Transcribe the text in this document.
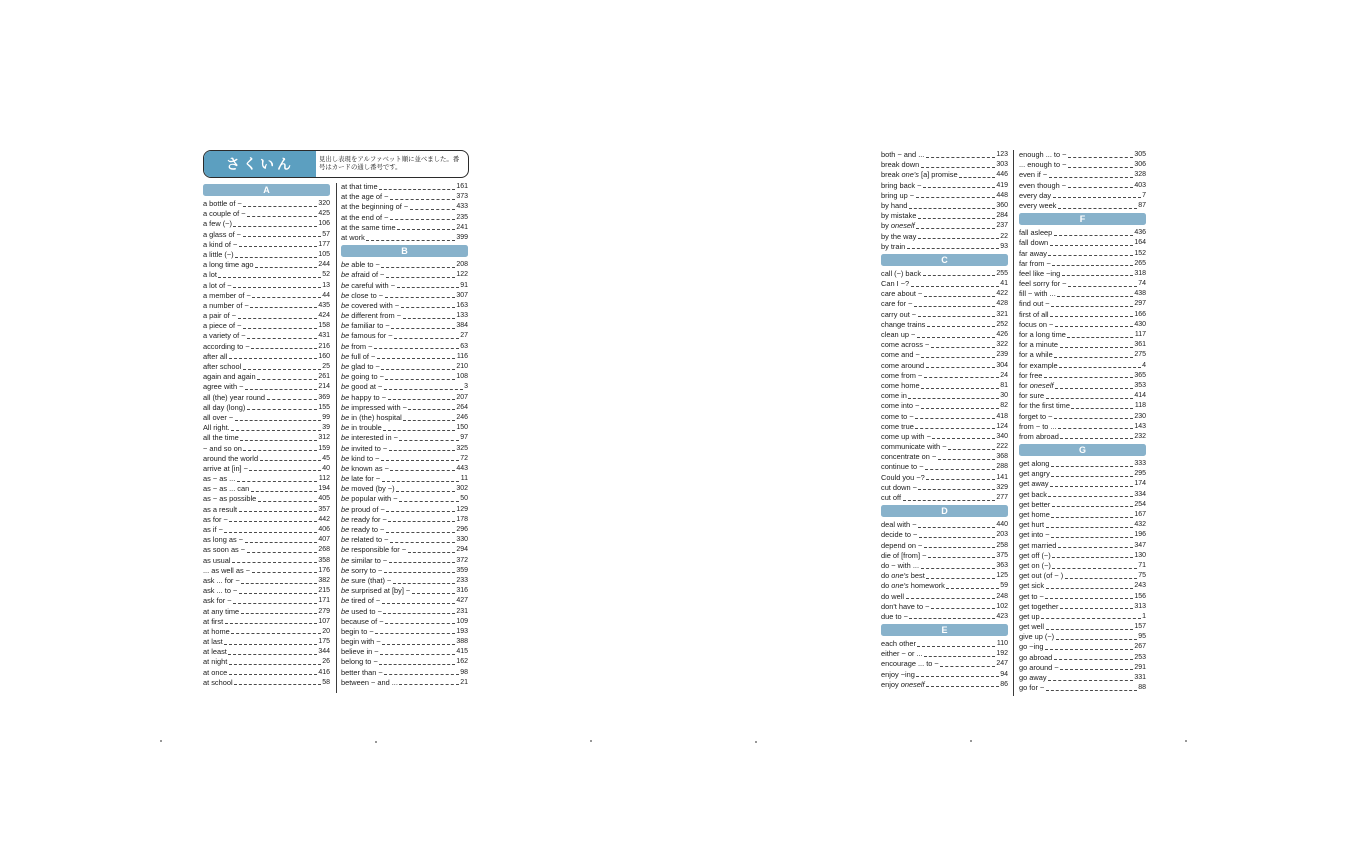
さくいん	見出し表現をアルファベット順に並べました。番号はカードの通し番号です。
A
a bottle of ~	320
a couple of ~	425
a few (~)	106
a glass of ~	57
a kind of ~	177
a little (~)	105
a long time ago	244
a lot	52
a lot of ~	13
a member of ~	44
a number of ~	435
a pair of ~	424
a piece of ~	158
a variety of ~	431
according to ~	216
after all	160
after school	25
again and again	261
agree with ~	214
all (the) year round	369
all day (long)	155
all over ~	99
All right.	39
all the time	312
~ and so on	159
around the world	45
arrive at [in] ~	40
as ~ as ...	112
as ~ as ... can	194
as ~ as possible	405
as a result	357
as for ~	442
as if ~	406
as long as ~	407
as soon as ~	268
as usual	358
... as well as ~	176
ask ... for ~	382
ask ... to ~	215
ask for ~	171
at any time	279
at first	107
at home	20
at last	175
at least	344
at night	26
at once	416
at school	58
at that time	161
at the age of ~	373
at the beginning of ~	433
at the end of ~	235
at the same time	241
at work	399
B
be able to ~	208
be afraid of ~	122
be careful with ~	91
be close to ~	307
be covered with ~	163
be different from ~	133
be familiar to ~	384
be famous for ~	27
be from ~	63
be full of ~	116
be glad to ~	210
be going to ~	108
be good at ~	3
be happy to ~	207
be impressed with ~	264
be in (the) hospital	246
be in trouble	150
be interested in ~	97
be invited to ~	325
be kind to ~	72
be known as ~	443
be late for ~	11
be moved (by ~)	302
be popular with ~	50
be proud of ~	129
be ready for ~	178
be ready to ~	296
be related to ~	330
be responsible for ~	294
be similar to ~	372
be sorry to ~	359
be sure (that) ~	233
be surprised at [by] ~	316
be tired of ~	427
be used to ~	231
because of ~	109
begin to ~	193
begin with ~	388
believe in ~	415
belong to ~	162
better than ~	98
between ~ and ...	21
both ~ and ...	123
break down	303
break one's [a] promise	446
bring back ~	419
bring up ~	448
by hand	360
by mistake	284
by oneself	237
by the way	22
by train	93
C
call (~) back	255
Can I ~?	41
care about ~	422
care for ~	428
carry out ~	321
change trains	252
clean up ~	426
come across ~	322
come and ~	239
come around	304
come from ~	24
come home	81
come in	30
come into ~	82
come to ~	418
come true	124
come up with ~	340
communicate with ~	222
concentrate on ~	368
continue to ~	288
Could you ~?	141
cut down ~	329
cut off	277
D
deal with ~	440
decide to ~	203
depend on ~	258
die of [from] ~	375
do ~ with ...	363
do one's best	125
do one's homework	59
do well	248
don't have to ~	102
due to ~	423
E
each other	110
either ~ or ...	192
encourage ... to ~	247
enjoy ~ing	94
enjoy oneself	86
enough ... to ~	305
... enough to ~	306
even if ~	328
even though ~	403
every day	7
every week	87
F
fall asleep	436
fall down	164
far away	152
far from ~	265
feel like ~ing	318
feel sorry for ~	74
fill ~ with ...	438
find out ~	297
first of all	166
focus on ~	430
for a long time	117
for a minute	361
for a while	275
for example	4
for free	365
for oneself	353
for sure	414
for the first time	118
forget to ~	230
from ~ to ...	143
from abroad	232
G
get along	333
get angry	295
get away	174
get back	334
get better	254
get home	167
get hurt	432
get into ~	196
get married	347
get off (~)	130
get on (~)	71
get out (of ~ )	75
get sick	243
get to ~	156
get together	313
get up	1
get well	157
give up (~)	95
go ~ing	267
go abroad	253
go around ~	291
go away	331
go for ~	88
